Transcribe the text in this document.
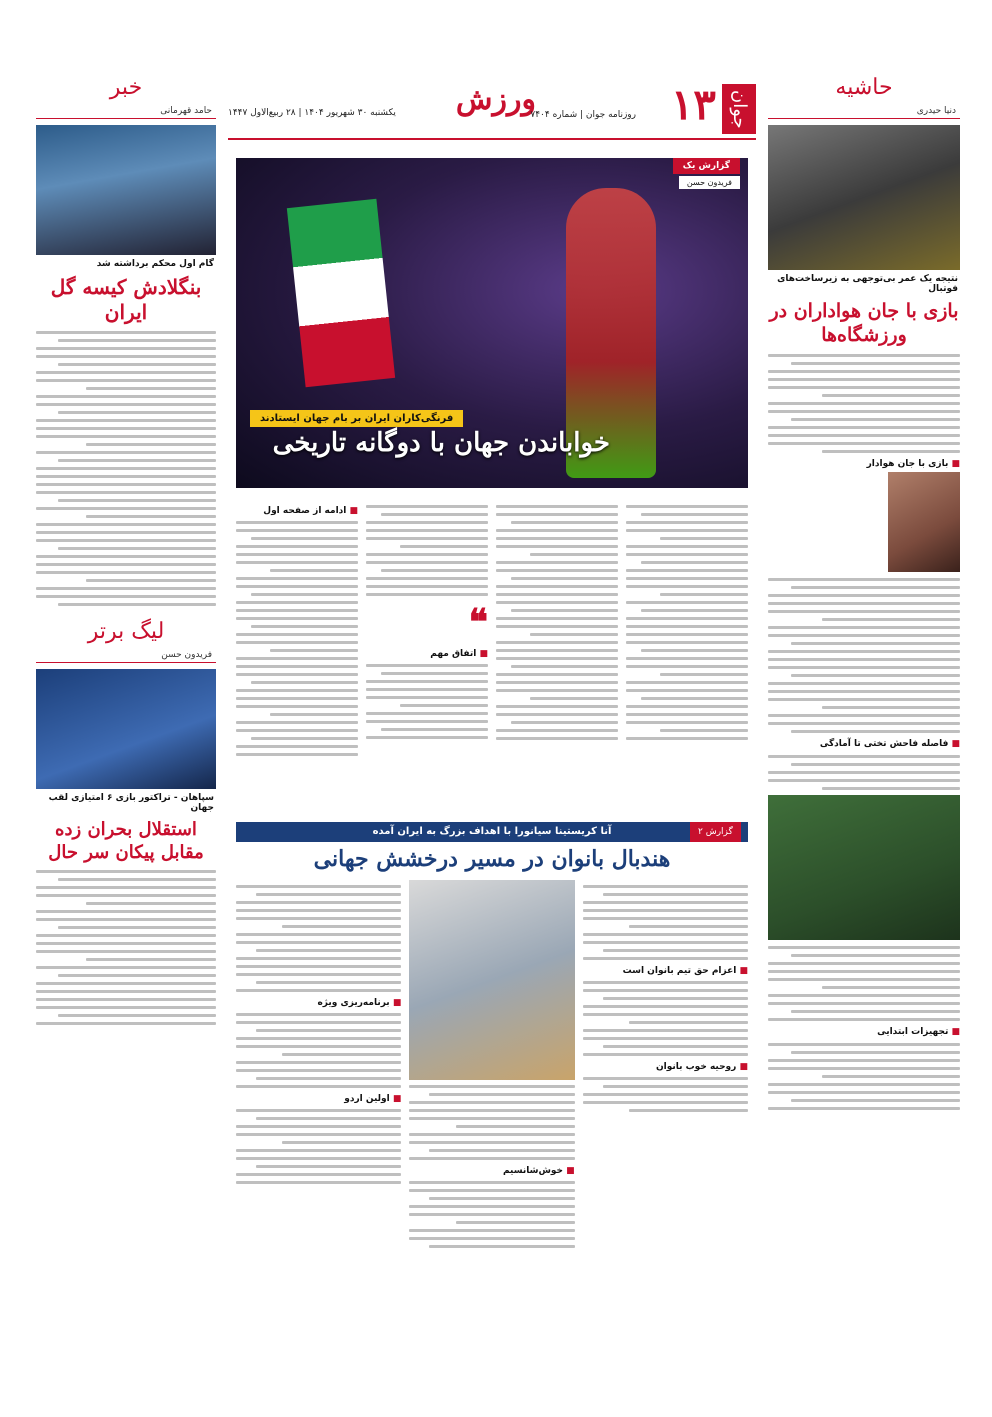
خبر
حامد قهرمانی
گام اول محکم برداشته شد
بنگلادش کیسه گل ایران
لیگ برتر
فریدون حسن
سپاهان - تراکتور بازی ۶ امتیازی لقب جهان
استقلال بحران زده مقابل پیکان سر حال
جوان
۱۳
ورزش
روزنامه جوان | شماره ۷۴۰۴
یکشنبه ۳۰ شهریور ۱۴۰۴ | ۲۸ ربیع‌الاول ۱۴۴۷
گزارش یک
فریدون حسن
فرنگی‌کاران ایران بر بام جهان ایستادند
خواباندن جهان با دوگانه تاریخی
■ ادامه از صفحه اول
❝
■ اتفاق مهم
آنا کریستینا سیانورا با اهداف بزرگ به ایران آمده	گزارش ۲
هندبال بانوان در مسیر درخشش جهانی
■ برنامه‌ریزی ویژه
■ اولین اردو
■ خوش‌شانسیم
■ اعزام حق تیم بانوان است
■ روحیه خوب بانوان
حاشیه
دنیا حیدری
نتیجه یک عمر بی‌توجهی به زیرساخت‌های فوتبال
بازی با جان هواداران در ورزشگاه‌ها
■ بازی با جان هوادار
■ فاصله فاحش تختی تا آمادگی
■ تجهیزات ابتدایی
